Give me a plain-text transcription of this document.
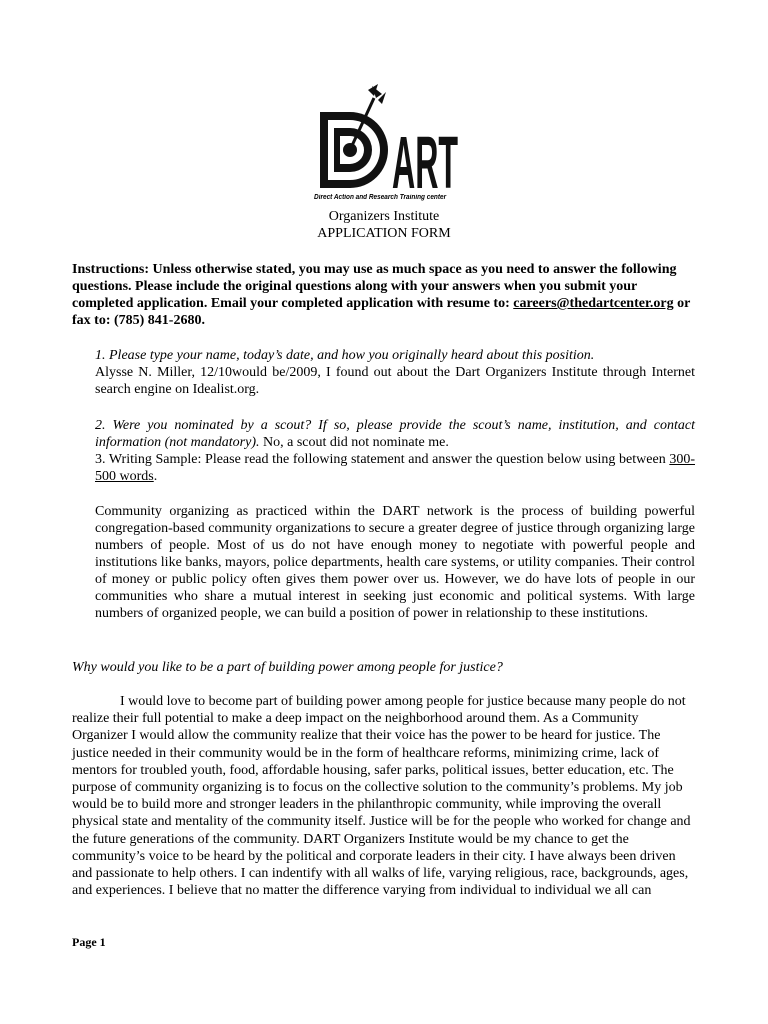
ART
Direct Action and Research Training center
Organizers Institute
APPLICATION FORM
Instructions: Unless otherwise stated, you may use as much space as you need to answer the following questions. Please include the original questions along with your answers when you submit your completed application. Email your completed application with resume to: careers@thedartcenter.org or fax to: (785) 841-2680.
1. Please type your name, today’s date, and how you originally heard about this position.
Alysse N. Miller, 12/10would be/2009, I found out about the Dart Organizers Institute through Internet search engine on Idealist.org.
2. Were you nominated by a scout? If so, please provide the scout’s name, institution, and contact information (not mandatory). No, a scout did not nominate me.
3. Writing Sample: Please read the following statement and answer the question below using between 300-500 words.
Community organizing as practiced within the DART network is the process of building powerful congregation-based community organizations to secure a greater degree of justice through organizing large numbers of people. Most of us do not have enough money to negotiate with powerful people and institutions like banks, mayors, police departments, health care systems, or utility companies. Their control of money or public policy often gives them power over us. However, we do have lots of people in our communities who share a mutual interest in seeking just economic and political systems. With large numbers of organized people, we can build a position of power in relationship to these institutions.
Why would you like to be a part of building power among people for justice?

I would love to become part of building power among people for justice because many people do not realize their full potential to make a deep impact on the neighborhood around them. As a Community Organizer I would allow the community realize that their voice has the power to be heard for justice. The justice needed in their community would be in the form of healthcare reforms, minimizing crime, lack of mentors for troubled youth, food, affordable housing, safer parks, political issues, better education, etc. The purpose of community organizing is to focus on the collective solution to the community’s problems. My job would be to build more and stronger leaders in the philanthropic community, while improving the overall physical state and mentality of the community itself. Justice will be for the people who worked for change and the future generations of the community. DART Organizers Institute would be my chance to get the community’s voice to be heard by the political and corporate leaders in their city. I have always been driven and passionate to help others. I can indentify with all walks of life, varying religious, race, backgrounds, ages, and experiences. I believe that no matter the difference varying from individual to individual we all can

Page 1
